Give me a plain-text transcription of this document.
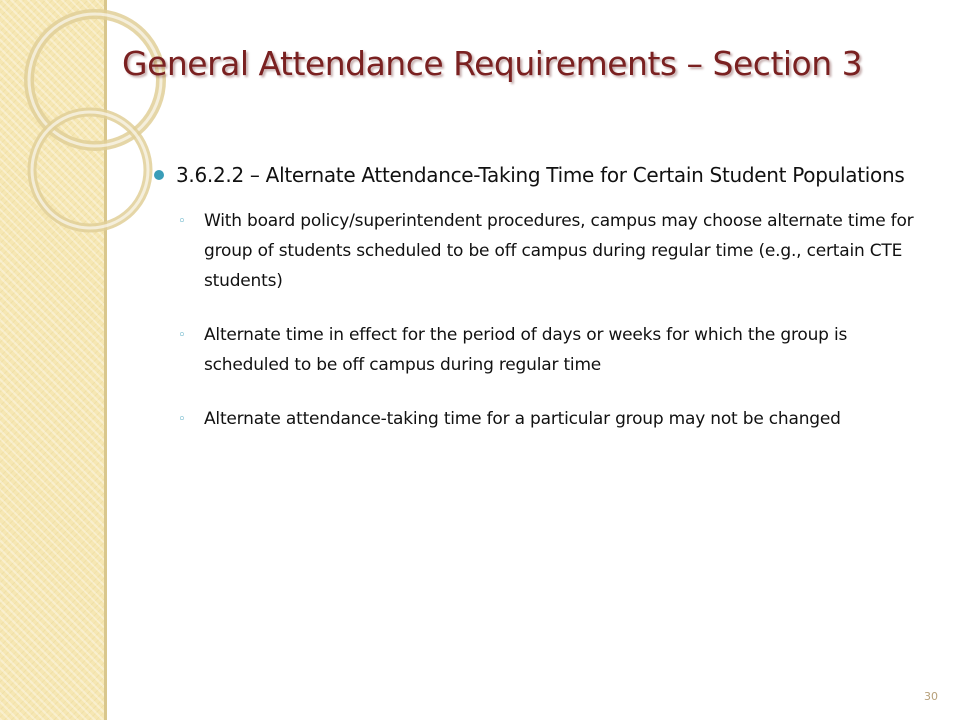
General Attendance Requirements – Section 3
3.6.2.2 – Alternate Attendance-Taking Time for Certain Student Populations
◦ With board policy/superintendent procedures, campus may choose alternate time for group of students scheduled to be off campus during regular time (e.g., certain CTE students)
◦ Alternate time in effect for the period of days or weeks for which the group is scheduled to be off campus during regular time
◦ Alternate attendance-taking time for a particular group may not be changed
30
